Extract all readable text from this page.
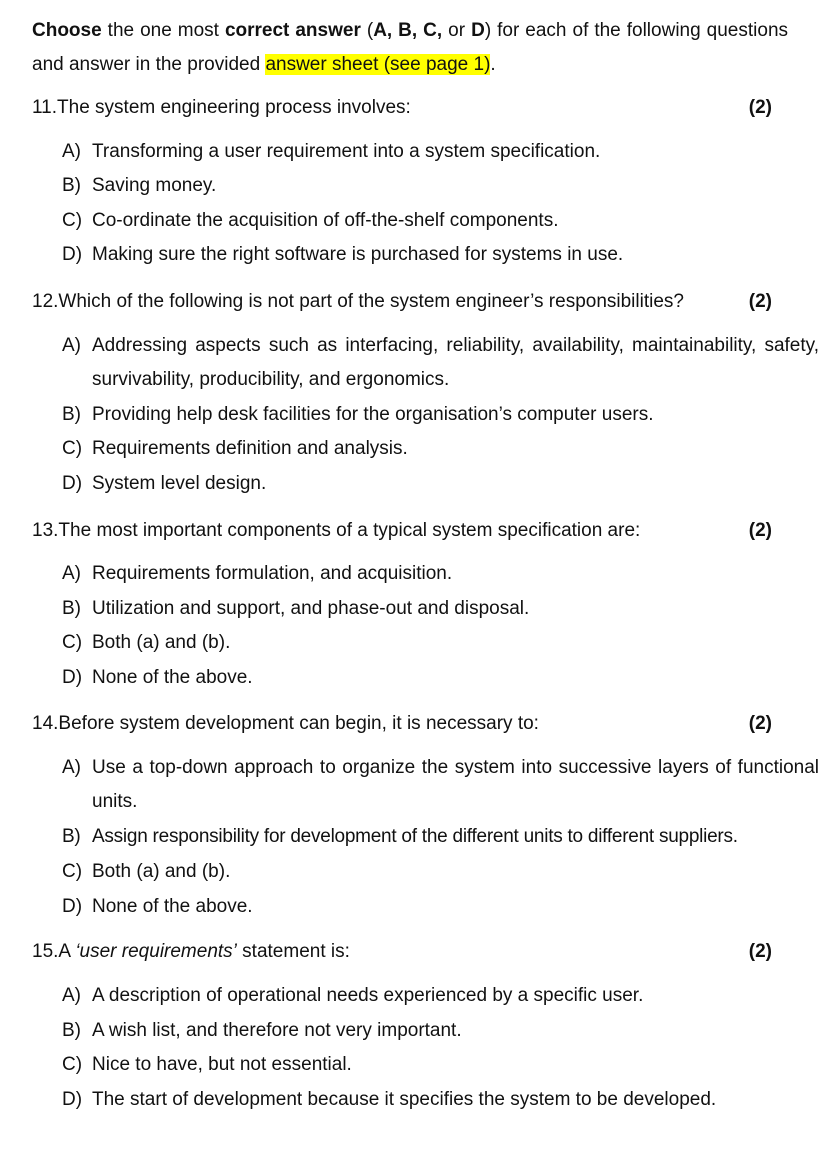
Choose the one most correct answer (A, B, C, or D) for each of the following questions and answer in the provided answer sheet (see page 1).
11.The system engineering process involves:	(2)
A) Transforming a user requirement into a system specification.
B) Saving money.
C) Co-ordinate the acquisition of off-the-shelf components.
D) Making sure the right software is purchased for systems in use.
12.Which of the following is not part of the system engineer’s responsibilities?	(2)
A) Addressing aspects such as interfacing, reliability, availability, maintainability, safety, survivability, producibility, and ergonomics.
B) Providing help desk facilities for the organisation’s computer users.
C) Requirements definition and analysis.
D) System level design.
13.The most important components of a typical system specification are:	(2)
A) Requirements formulation, and acquisition.
B) Utilization and support, and phase-out and disposal.
C) Both (a) and (b).
D) None of the above.
14.Before system development can begin, it is necessary to:	(2)
A) Use a top-down approach to organize the system into successive layers of functional units.
B) Assign responsibility for development of the different units to different suppliers.
C) Both (a) and (b).
D) None of the above.
15.A ‘user requirements’ statement is:	(2)
A) A description of operational needs experienced by a specific user.
B) A wish list, and therefore not very important.
C) Nice to have, but not essential.
D) The start of development because it specifies the system to be developed.
